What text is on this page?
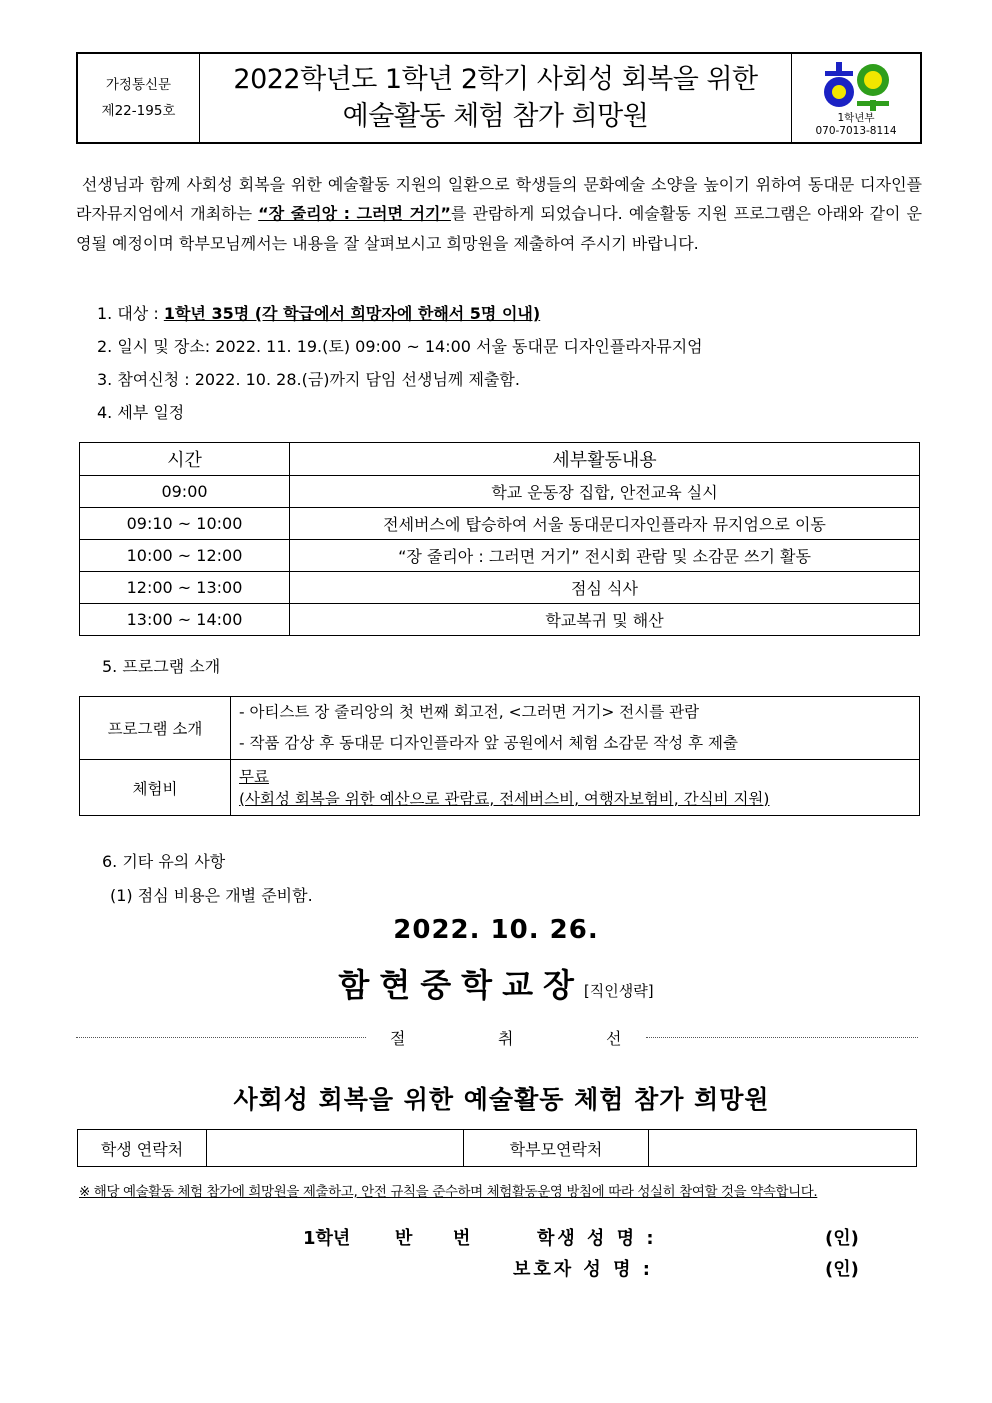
가정통신문
제22-195호
2022학년도 1학년 2학기 사회성 회복을 위한
예술활동 체험 참가 희망원	1학년부
070-7013-8114
선생님과 함께 사회성 회복을 위한 예술활동 지원의 일환으로 학생들의 문화예술 소양을 높이기 위하여 동대문 디자인플라자뮤지엄에서 개최하는 “장 줄리앙 : 그러면 거기”를 관람하게 되었습니다. 예술활동 지원 프로그램은 아래와 같이 운영될 예정이며 학부모님께서는 내용을 잘 살펴보시고 희망원을 제출하여 주시기 바랍니다.
1. 대상 : 1학년 35명 (각 학급에서 희망자에 한해서 5명 이내)
2. 일시 및 장소: 2022. 11. 19.(토) 09:00 ~ 14:00 서울 동대문 디자인플라자뮤지엄
3. 참여신청 : 2022. 10. 28.(금)까지 담임 선생님께 제출함.
4. 세부 일정
시간	세부활동내용
09:00	학교 운동장 집합, 안전교육 실시
09:10 ~ 10:00	전세버스에 탑승하여 서울 동대문디자인플라자 뮤지엄으로 이동
10:00 ~ 12:00	“장 줄리아 : 그러면 거기” 전시회 관람 및 소감문 쓰기 활동
12:00 ~ 13:00	점심 식사
13:00 ~ 14:00	학교복귀 및 해산
5. 프로그램 소개
프로그램 소개	- 아티스트 장 줄리앙의 첫 번째 회고전, <그러면 거기> 전시를 관람
- 작품 감상 후 동대문 디자인플라자 앞 공원에서 체험 소감문 작성 후 제출

체험비	무료
(사회성 회복을 위한 예산으로 관람료, 전세버스비, 여행자보험비, 간식비 지원)
6. 기타 유의 사항
(1) 점심 비용은 개별 준비함.
2022. 10. 26.
함현중학교장[직인생략]
절	취	선
사회성 회복을 위한 예술활동 체험 참가 희망원
학생 연락처		학부모연락처	
※ 해당 예술활동 체험 참가에 희망원을 제출하고, 안전 규칙을 준수하며 체험활동운영 방침에 따라 성실히 참여할 것을 약속합니다.
1학년 반 번	학생 성 명 :	(인)
보호자 성 명 :	(인)
